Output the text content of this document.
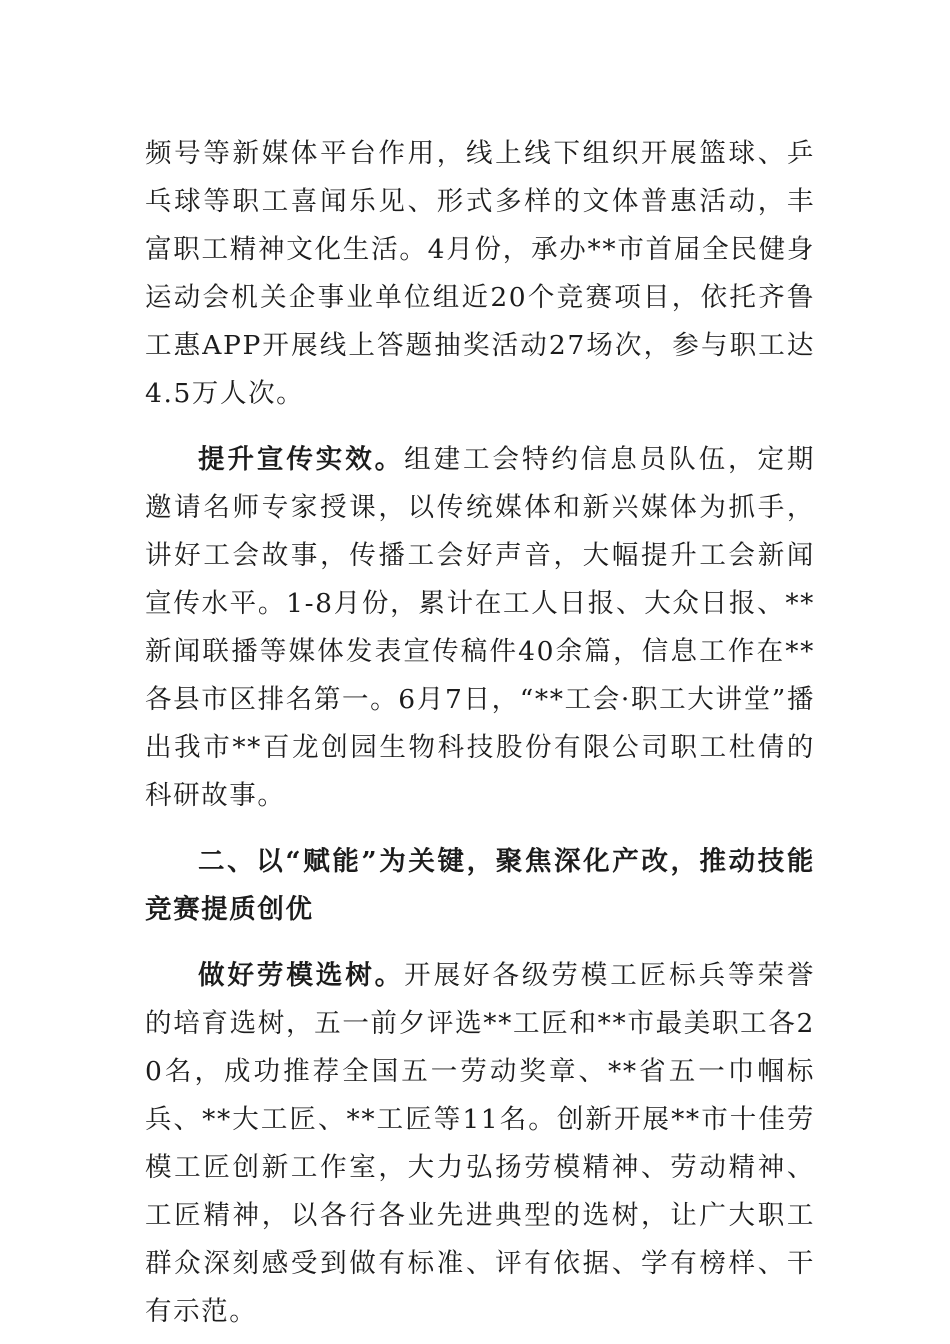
频号等新媒体平台作用，线上线下组织开展篮球、乒乓球等职工喜闻乐见、形式多样的文体普惠活动，丰富职工精神文化生活。4月份，承办**市首届全民健身运动会机关企事业单位组近20个竞赛项目，依托齐鲁工惠APP开展线上答题抽奖活动27场次，参与职工达4.5万人次。

提升宣传实效。组建工会特约信息员队伍，定期邀请名师专家授课，以传统媒体和新兴媒体为抓手，讲好工会故事，传播工会好声音，大幅提升工会新闻宣传水平。1-8月份，累计在工人日报、大众日报、**新闻联播等媒体发表宣传稿件40余篇，信息工作在**各县市区排名第一。6月7日，“**工会·职工大讲堂”播出我市**百龙创园生物科技股份有限公司职工杜倩的科研故事。

二、以“赋能”为关键，聚焦深化产改，推动技能竞赛提质创优

做好劳模选树。开展好各级劳模工匠标兵等荣誉的培育选树，五一前夕评选**工匠和**市最美职工各20名，成功推荐全国五一劳动奖章、**省五一巾帼标兵、**大工匠、**工匠等11名。创新开展**市十佳劳模工匠创新工作室，大力弘扬劳模精神、劳动精神、工匠精神，以各行各业先进典型的选树，让广大职工群众深刻感受到做有标准、评有依据、学有榜样、干有示范。
